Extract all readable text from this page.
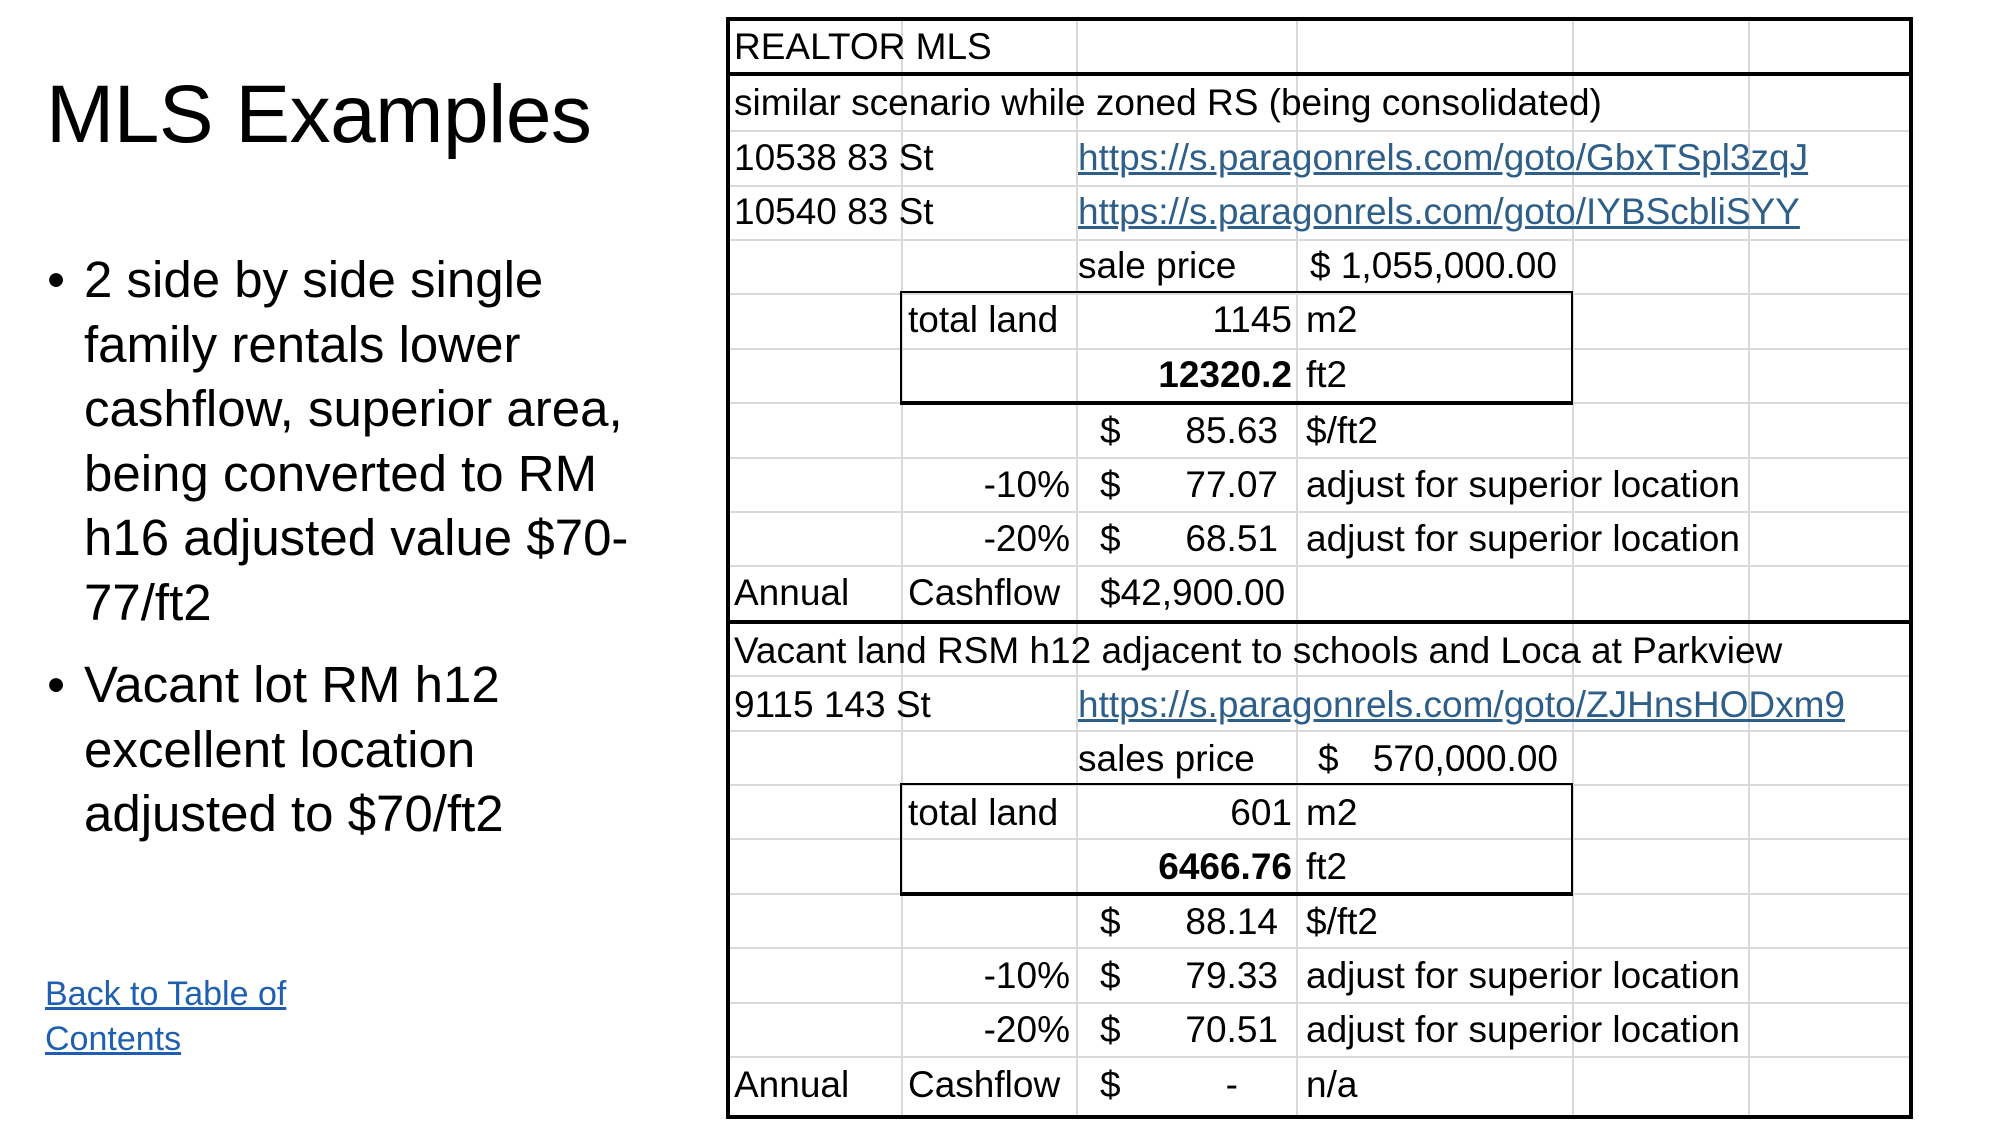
MLS Examples
• 2 side by side single family rentals lower cashflow, superior area, being converted to RM h16 adjusted value $70-77/ft2
• Vacant lot RM h12 excellent location adjusted to $70/ft2
Back to Table of
Contents
REALTOR MLS
similar scenario while zoned RS (being consolidated)
10538 83 St	https://s.paragonrels.com/goto/GbxTSpl3zqJ
10540 83 St	https://s.paragonrels.com/goto/IYBScbliSYY
sale price $ 1,055,000.00
total land	1145 m2
12320.2 ft2
$	85.63 $/ft2
-10% $	77.07 adjust for superior location
-20% $	68.51 adjust for superior location
Annual Cashflow $42,900.00
Vacant land RSM h12 adjacent to schools and Loca at Parkview
9115 143 St	https://s.paragonrels.com/goto/ZJHnsHODxm9
sales price $ 570,000.00
total land	601 m2
6466.76 ft2
$	88.14 $/ft2
-10% $	79.33 adjust for superior location
-20% $	70.51 adjust for superior location
Annual Cashflow $	- n/a
